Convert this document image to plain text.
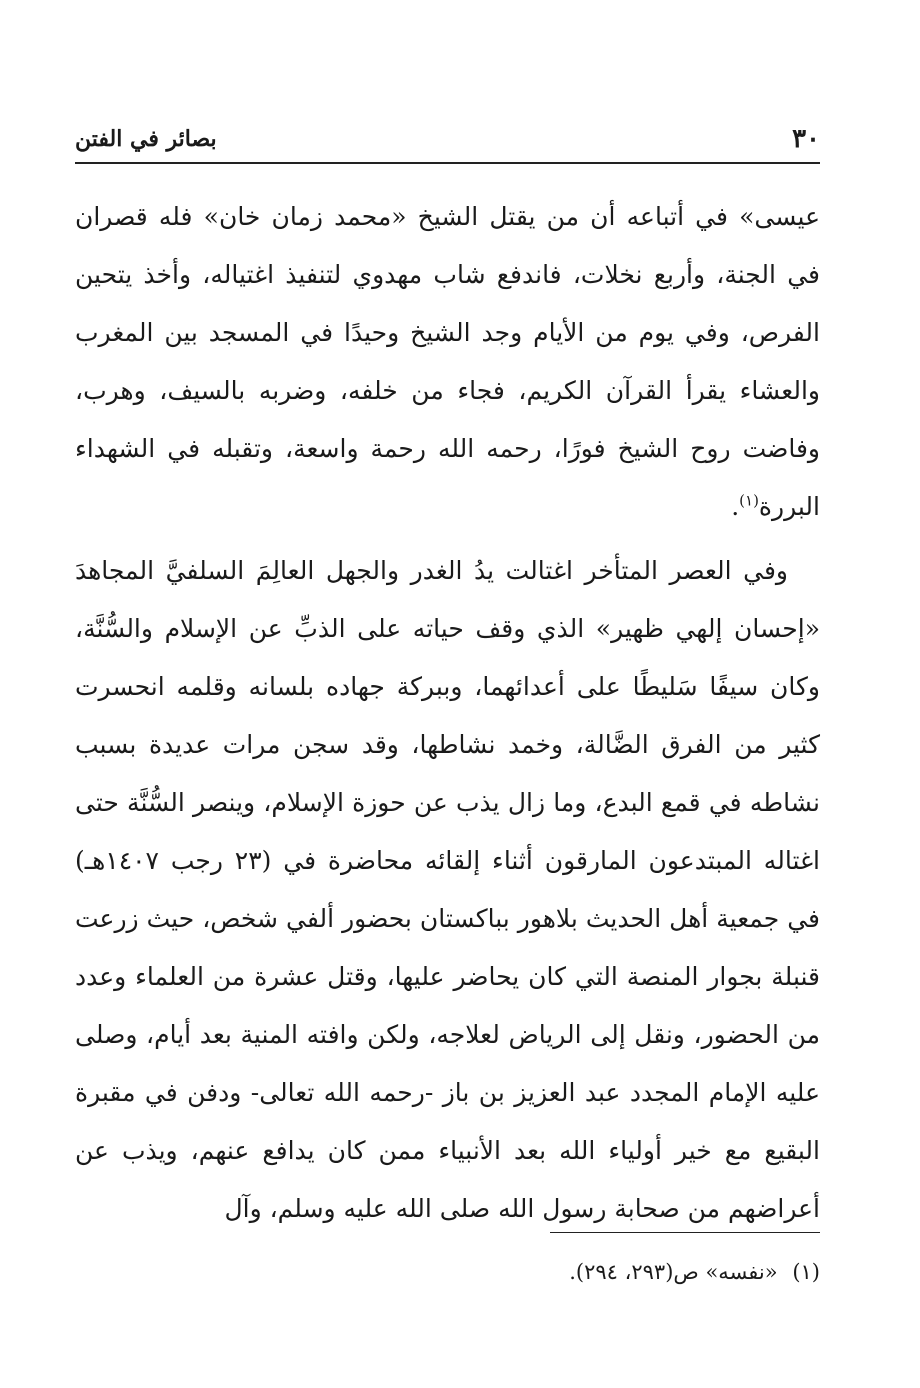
٣٠
بصائر في الفتن

عيسى» في أتباعه أن من يقتل الشيخ «محمد زمان خان» فله قصران في الجنة، وأربع نخلات، فاندفع شاب مهدوي لتنفيذ اغتياله، وأخذ يتحين الفرص، وفي يوم من الأيام وجد الشيخ وحيدًا في المسجد بين المغرب والعشاء يقرأ القرآن الكريم، فجاء من خلفه، وضربه بالسيف، وهرب، وفاضت روح الشيخ فورًا، رحمه الله رحمة واسعة، وتقبله في الشهداء البررة$^{(١)}$.

وفي العصر المتأخر اغتالت يدُ الغدر والجهل العالِمَ السلفيَّ المجاهدَ «إحسان إلهي ظهير» الذي وقف حياته على الذبِّ عن الإسلام والسُّنَّة، وكان سيفًا سَليطًا على أعدائهما، وببركة جهاده بلسانه وقلمه انحسرت كثير من الفرق الضَّالة، وخمد نشاطها، وقد سجن مرات عديدة بسبب نشاطه في قمع البدع، وما زال يذب عن حوزة الإسلام، وينصر السُّنَّة حتى اغتاله المبتدعون المارقون أثناء إلقائه محاضرة في (٢٣ رجب ١٤٠٧هـ) في جمعية أهل الحديث بلاهور بباكستان بحضور ألفي شخص، حيث زرعت قنبلة بجوار المنصة التي كان يحاضر عليها، وقتل عشرة من العلماء وعدد من الحضور، ونقل إلى الرياض لعلاجه، ولكن وافته المنية بعد أيام، وصلى عليه الإمام المجدد عبد العزيز بن باز -رحمه الله تعالى- ودفن في مقبرة البقيع مع خير أولياء الله بعد الأنبياء ممن كان يدافع عنهم، ويذب عن أعراضهم من صحابة رسول الله صلى الله عليه وسلم، وآل

(١) «نفسه» ص(٢٩٣، ٢٩٤).
